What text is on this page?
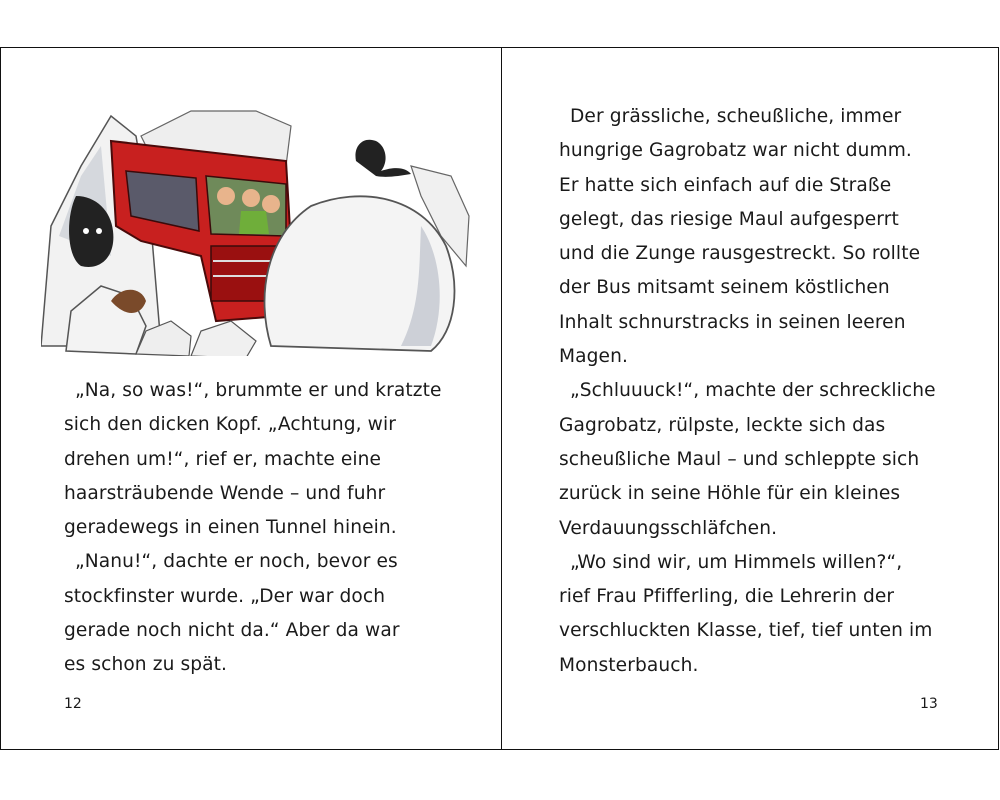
„Na, so was!“, brummte er und kratzte
sich den dicken Kopf. „Achtung, wir
drehen um!“, rief er, machte eine
haarsträubende Wende – und fuhr
geradewegs in einen Tunnel hinein.
„Nanu!“, dachte er noch, bevor es
stockfinster wurde. „Der war doch
gerade noch nicht da.“ Aber da war
es schon zu spät.
12
Der grässliche, scheußliche, immer
hungrige Gagrobatz war nicht dumm.
Er hatte sich einfach auf die Straße
gelegt, das riesige Maul aufgesperrt
und die Zunge rausgestreckt. So rollte
der Bus mitsamt seinem köstlichen
Inhalt schnurstracks in seinen leeren
Magen.
„Schluuuck!“, machte der schreckliche
Gagrobatz, rülpste, leckte sich das
scheußliche Maul – und schleppte sich
zurück in seine Höhle für ein kleines
Verdauungsschläfchen.
„Wo sind wir, um Himmels willen?“,
rief Frau Pfifferling, die Lehrerin der
verschluckten Klasse, tief, tief unten im
Monsterbauch.
13
